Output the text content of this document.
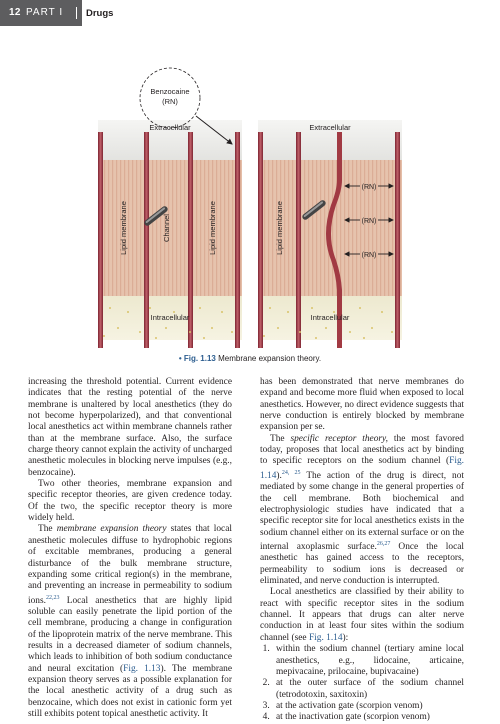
12 PART I Drugs
Benzocaine
(RN)
Extracellular	Extracellular
Intracellular	Intracellular
Lipid membrane	Channel	Lipid membrane	Lipid membrane
(RN)
(RN)
(RN)
• Fig. 1.13 Membrane expansion theory.

increasing the threshold potential. Current evidence indicates that the resting potential of the nerve membrane is unaltered by local anesthetics (they do not become hyperpolarized), and that conventional local anesthetics act within membrane channels rather than at the membrane surface. Also, the surface charge theory cannot explain the activity of uncharged anesthetic molecules in blocking nerve impulses (e.g., benzocaine).

Two other theories, membrane expansion and specific receptor theories, are given credence today. Of the two, the specific receptor theory is more widely held.

The membrane expansion theory states that local anesthetic molecules diffuse to hydrophobic regions of excitable membranes, producing a general disturbance of the bulk membrane structure, expanding some critical region(s) in the membrane, and preventing an increase in permeability to sodium ions.$^{22,23}$ Local anesthetics that are highly lipid soluble can easily penetrate the lipid portion of the cell membrane, producing a change in configuration of the lipoprotein matrix of the nerve membrane. This results in a decreased diameter of sodium channels, which leads to inhibition of both sodium conductance and neural excitation (Fig. 1.13). The membrane expansion theory serves as a possible explanation for the local anesthetic activity of a drug such as benzocaine, which does not exist in cationic form yet still exhibits potent topical anesthetic activity. It

has been demonstrated that nerve membranes do expand and become more fluid when exposed to local anesthetics. However, no direct evidence suggests that nerve conduction is entirely blocked by membrane expansion per se.

The specific receptor theory, the most favored today, proposes that local anesthetics act by binding to specific receptors on the sodium channel (Fig. 1.14).$^{24, 25}$ The action of the drug is direct, not mediated by some change in the general properties of the cell membrane. Both biochemical and electrophysiologic studies have indicated that a specific receptor site for local anesthetics exists in the sodium channel either on its external surface or on the internal axoplasmic surface.$^{26,27}$ Once the local anesthetic has gained access to the receptors, permeability to sodium ions is decreased or eliminated, and nerve conduction is interrupted.

Local anesthetics are classified by their ability to react with specific receptor sites in the sodium channel. It appears that drugs can alter nerve conduction in at least four sites within the sodium channel (see Fig. 1.14):

1. within the sodium channel (tertiary amine local anesthetics, e.g., lidocaine, articaine, mepivacaine, prilocaine, bupivacaine)
2. at the outer surface of the sodium channel (tetrodotoxin, saxitoxin)
3. at the activation gate (scorpion venom)
4. at the inactivation gate (scorpion venom)
